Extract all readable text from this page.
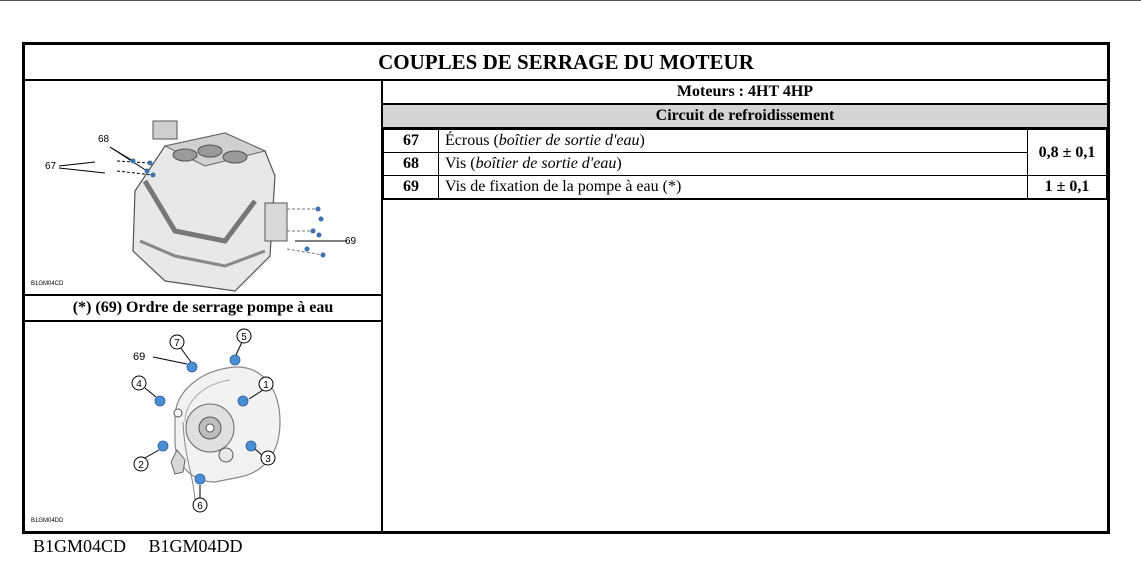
COUPLES DE SERRAGE DU MOTEUR
68
67
69
B1GM04CD
(*) (69) Ordre de serrage pompe à eau
7
5
1
4
2
3
6
69
B1GM04DD
Moteurs : 4HT 4HP
Circuit de refroidissement
67	Écrous (boîtier de sortie d'eau)	0,8 ± 0,1
68	Vis (boîtier de sortie d'eau)	
69	Vis de fixation de la pompe à eau (*)	1 ± 0,1
B1GM04CD B1GM04DD
